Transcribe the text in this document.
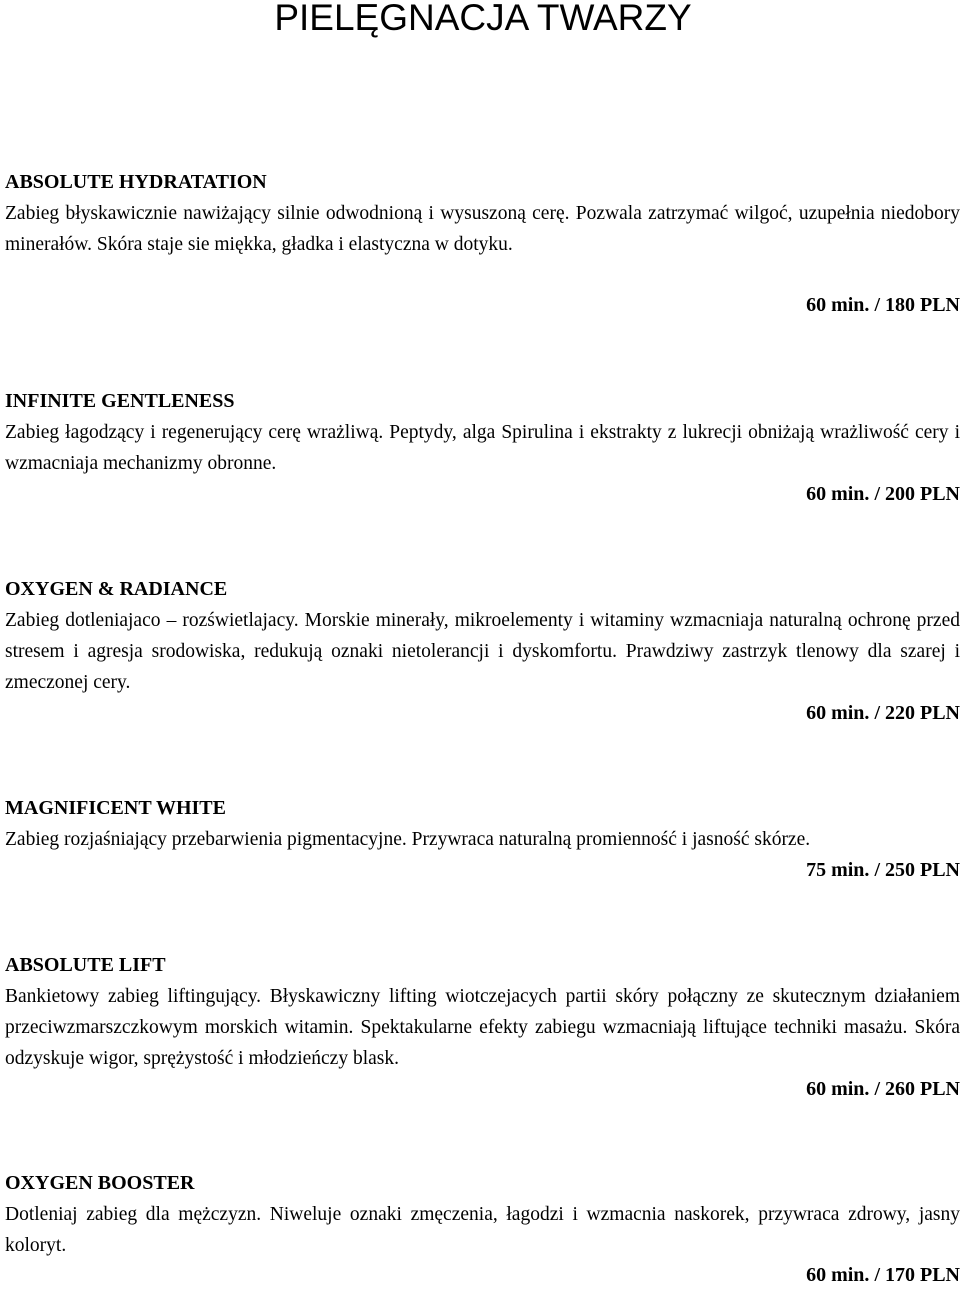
PIELĘGNACJA TWARZY

ABSOLUTE HYDRATATION

Zabieg błyskawicznie nawiżający silnie odwodnioną i wysuszoną cerę. Pozwala zatrzymać wilgoć, uzupełnia niedobory minerałów. Skóra staje sie miękka, gładka i elastyczna w dotyku.

60 min. / 180 PLN

INFINITE GENTLENESS

Zabieg łagodzący i regenerujący cerę wrażliwą. Peptydy, alga Spirulina i ekstrakty z lukrecji obniżają wrażliwość cery i wzmacniaja mechanizmy obronne.

60 min. / 200 PLN

OXYGEN & RADIANCE

Zabieg dotleniajaco – rozświetlajacy. Morskie minerały, mikroelementy i witaminy wzmacniaja naturalną ochronę przed stresem i agresja srodowiska, redukują oznaki nietolerancji i dyskomfortu. Prawdziwy zastrzyk tlenowy dla szarej i zmeczonej cery.

60 min. / 220 PLN

MAGNIFICENT WHITE

Zabieg rozjaśniający przebarwienia pigmentacyjne. Przywraca naturalną promienność i jasność skórze.

75 min. / 250 PLN

ABSOLUTE LIFT

Bankietowy zabieg liftingujący. Błyskawiczny lifting wiotczejacych partii skóry połączny ze skutecznym działaniem przeciwzmarszczkowym morskich witamin. Spektakularne efekty zabiegu wzmacniają liftujące techniki masażu. Skóra odzyskuje wigor, sprężystość i młodzieńczy blask.

60 min. / 260 PLN

OXYGEN BOOSTER

Dotleniaj zabieg dla mężczyzn. Niweluje oznaki zmęczenia, łagodzi i wzmacnia naskorek, przywraca zdrowy, jasny koloryt.

60 min. / 170 PLN
